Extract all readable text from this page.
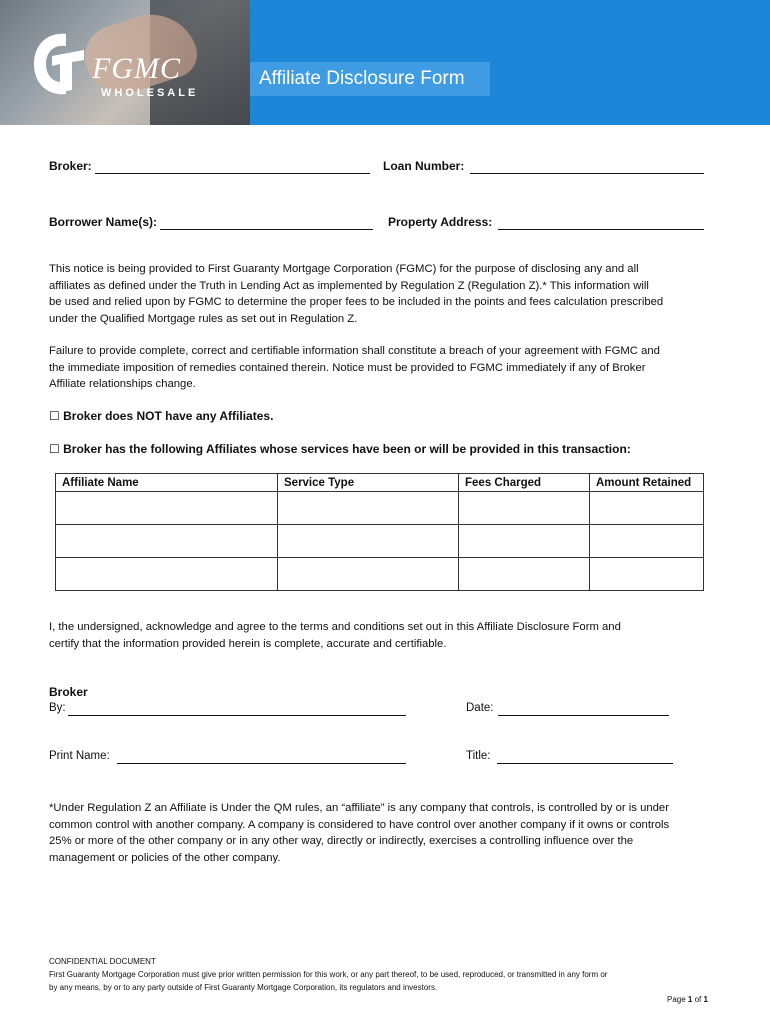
FGMC
WHOLESALE
Affiliate Disclosure Form
Broker:	Loan Number:
Borrower Name(s):	Property Address:
This notice is being provided to First Guaranty Mortgage Corporation (FGMC) for the purpose of disclosing any and all
affiliates as defined under the Truth in Lending Act as implemented by Regulation Z (Regulation Z).* This information will
be used and relied upon by FGMC to determine the proper fees to be included in the points and fees calculation prescribed
under the Qualified Mortgage rules as set out in Regulation Z.
Failure to provide complete, correct and certifiable information shall constitute a breach of your agreement with FGMC and
the immediate imposition of remedies contained therein. Notice must be provided to FGMC immediately if any of Broker
Affiliate relationships change.
☐ Broker does NOT have any Affiliates.
☐ Broker has the following Affiliates whose services have been or will be provided in this transaction:
Affiliate Name	Service Type	Fees Charged	Amount Retained

I, the undersigned, acknowledge and agree to the terms and conditions set out in this Affiliate Disclosure Form and
certify that the information provided herein is complete, accurate and certifiable.
Broker
By:	Date:
Print Name:	Title:
*Under Regulation Z an Affiliate is Under the QM rules, an “affiliate” is any company that controls, is controlled by or is under
common control with another company. A company is considered to have control over another company if it owns or controls
25% or more of the other company or in any other way, directly or indirectly, exercises a controlling influence over the
management or policies of the other company.
CONFIDENTIAL DOCUMENT
First Guaranty Mortgage Corporation must give prior written permission for this work, or any part thereof, to be used, reproduced, or transmitted in any form or
by any means, by or to any party outside of First Guaranty Mortgage Corporation, its regulators and investors.
Page 1 of 1
